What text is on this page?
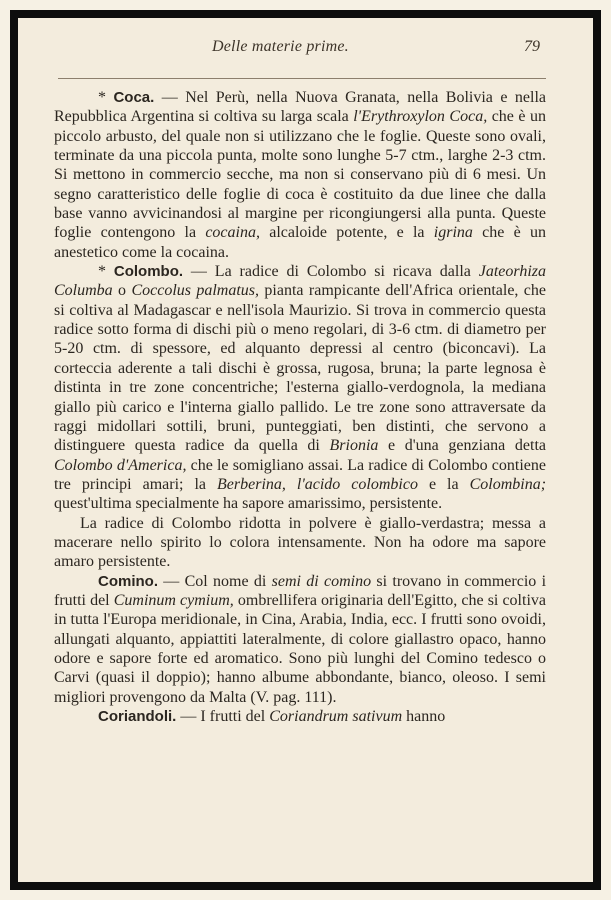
Delle materie prime.	79

* Coca. — Nel Perù, nella Nuova Granata, nella Bolivia e nella Repubblica Argentina si coltiva su larga scala l'Erythroxylon Coca, che è un piccolo arbusto, del quale non si utilizzano che le foglie. Queste sono ovali, terminate da una piccola punta, molte sono lunghe 5-7 ctm., larghe 2-3 ctm. Si mettono in commercio secche, ma non si conservano più di 6 mesi. Un segno caratteristico delle foglie di coca è costituito da due linee che dalla base vanno avvicinandosi al margine per ricongiungersi alla punta. Queste foglie contengono la cocaina, alcaloide potente, e la igrina che è un anestetico come la cocaina.

* Colombo. — La radice di Colombo si ricava dalla Jateorhiza Columba o Coccolus palmatus, pianta rampicante dell'Africa orientale, che si coltiva al Madagascar e nell'isola Maurizio. Si trova in commercio questa radice sotto forma di dischi più o meno regolari, di 3-6 ctm. di diametro per 5-20 ctm. di spessore, ed alquanto depressi al centro (biconcavi). La corteccia aderente a tali dischi è grossa, rugosa, bruna; la parte legnosa è distinta in tre zone concentriche; l'esterna giallo-verdognola, la mediana giallo più carico e l'interna giallo pallido. Le tre zone sono attraversate da raggi midollari sottili, bruni, punteggiati, ben distinti, che servono a distinguere questa radice da quella di Brionia e d'una genziana detta Colombo d'America, che le somigliano assai. La radice di Colombo contiene tre principi amari; la Berberina, l'acido colombico e la Colombina; quest'ultima specialmente ha sapore amarissimo, persistente.

La radice di Colombo ridotta in polvere è giallo-verdastra; messa a macerare nello spirito lo colora intensamente. Non ha odore ma sapore amaro persistente.

Comino. — Col nome di semi di comino si trovano in commercio i frutti del Cuminum cymium, ombrellifera originaria dell'Egitto, che si coltiva in tutta l'Europa meridionale, in Cina, Arabia, India, ecc. I frutti sono ovoidi, allungati alquanto, appiattiti lateralmente, di colore giallastro opaco, hanno odore e sapore forte ed aromatico. Sono più lunghi del Comino tedesco o Carvi (quasi il doppio); hanno albume abbondante, bianco, oleoso. I semi migliori provengono da Malta (V. pag. 111).

Coriandoli. — I frutti del Coriandrum sativum hanno
